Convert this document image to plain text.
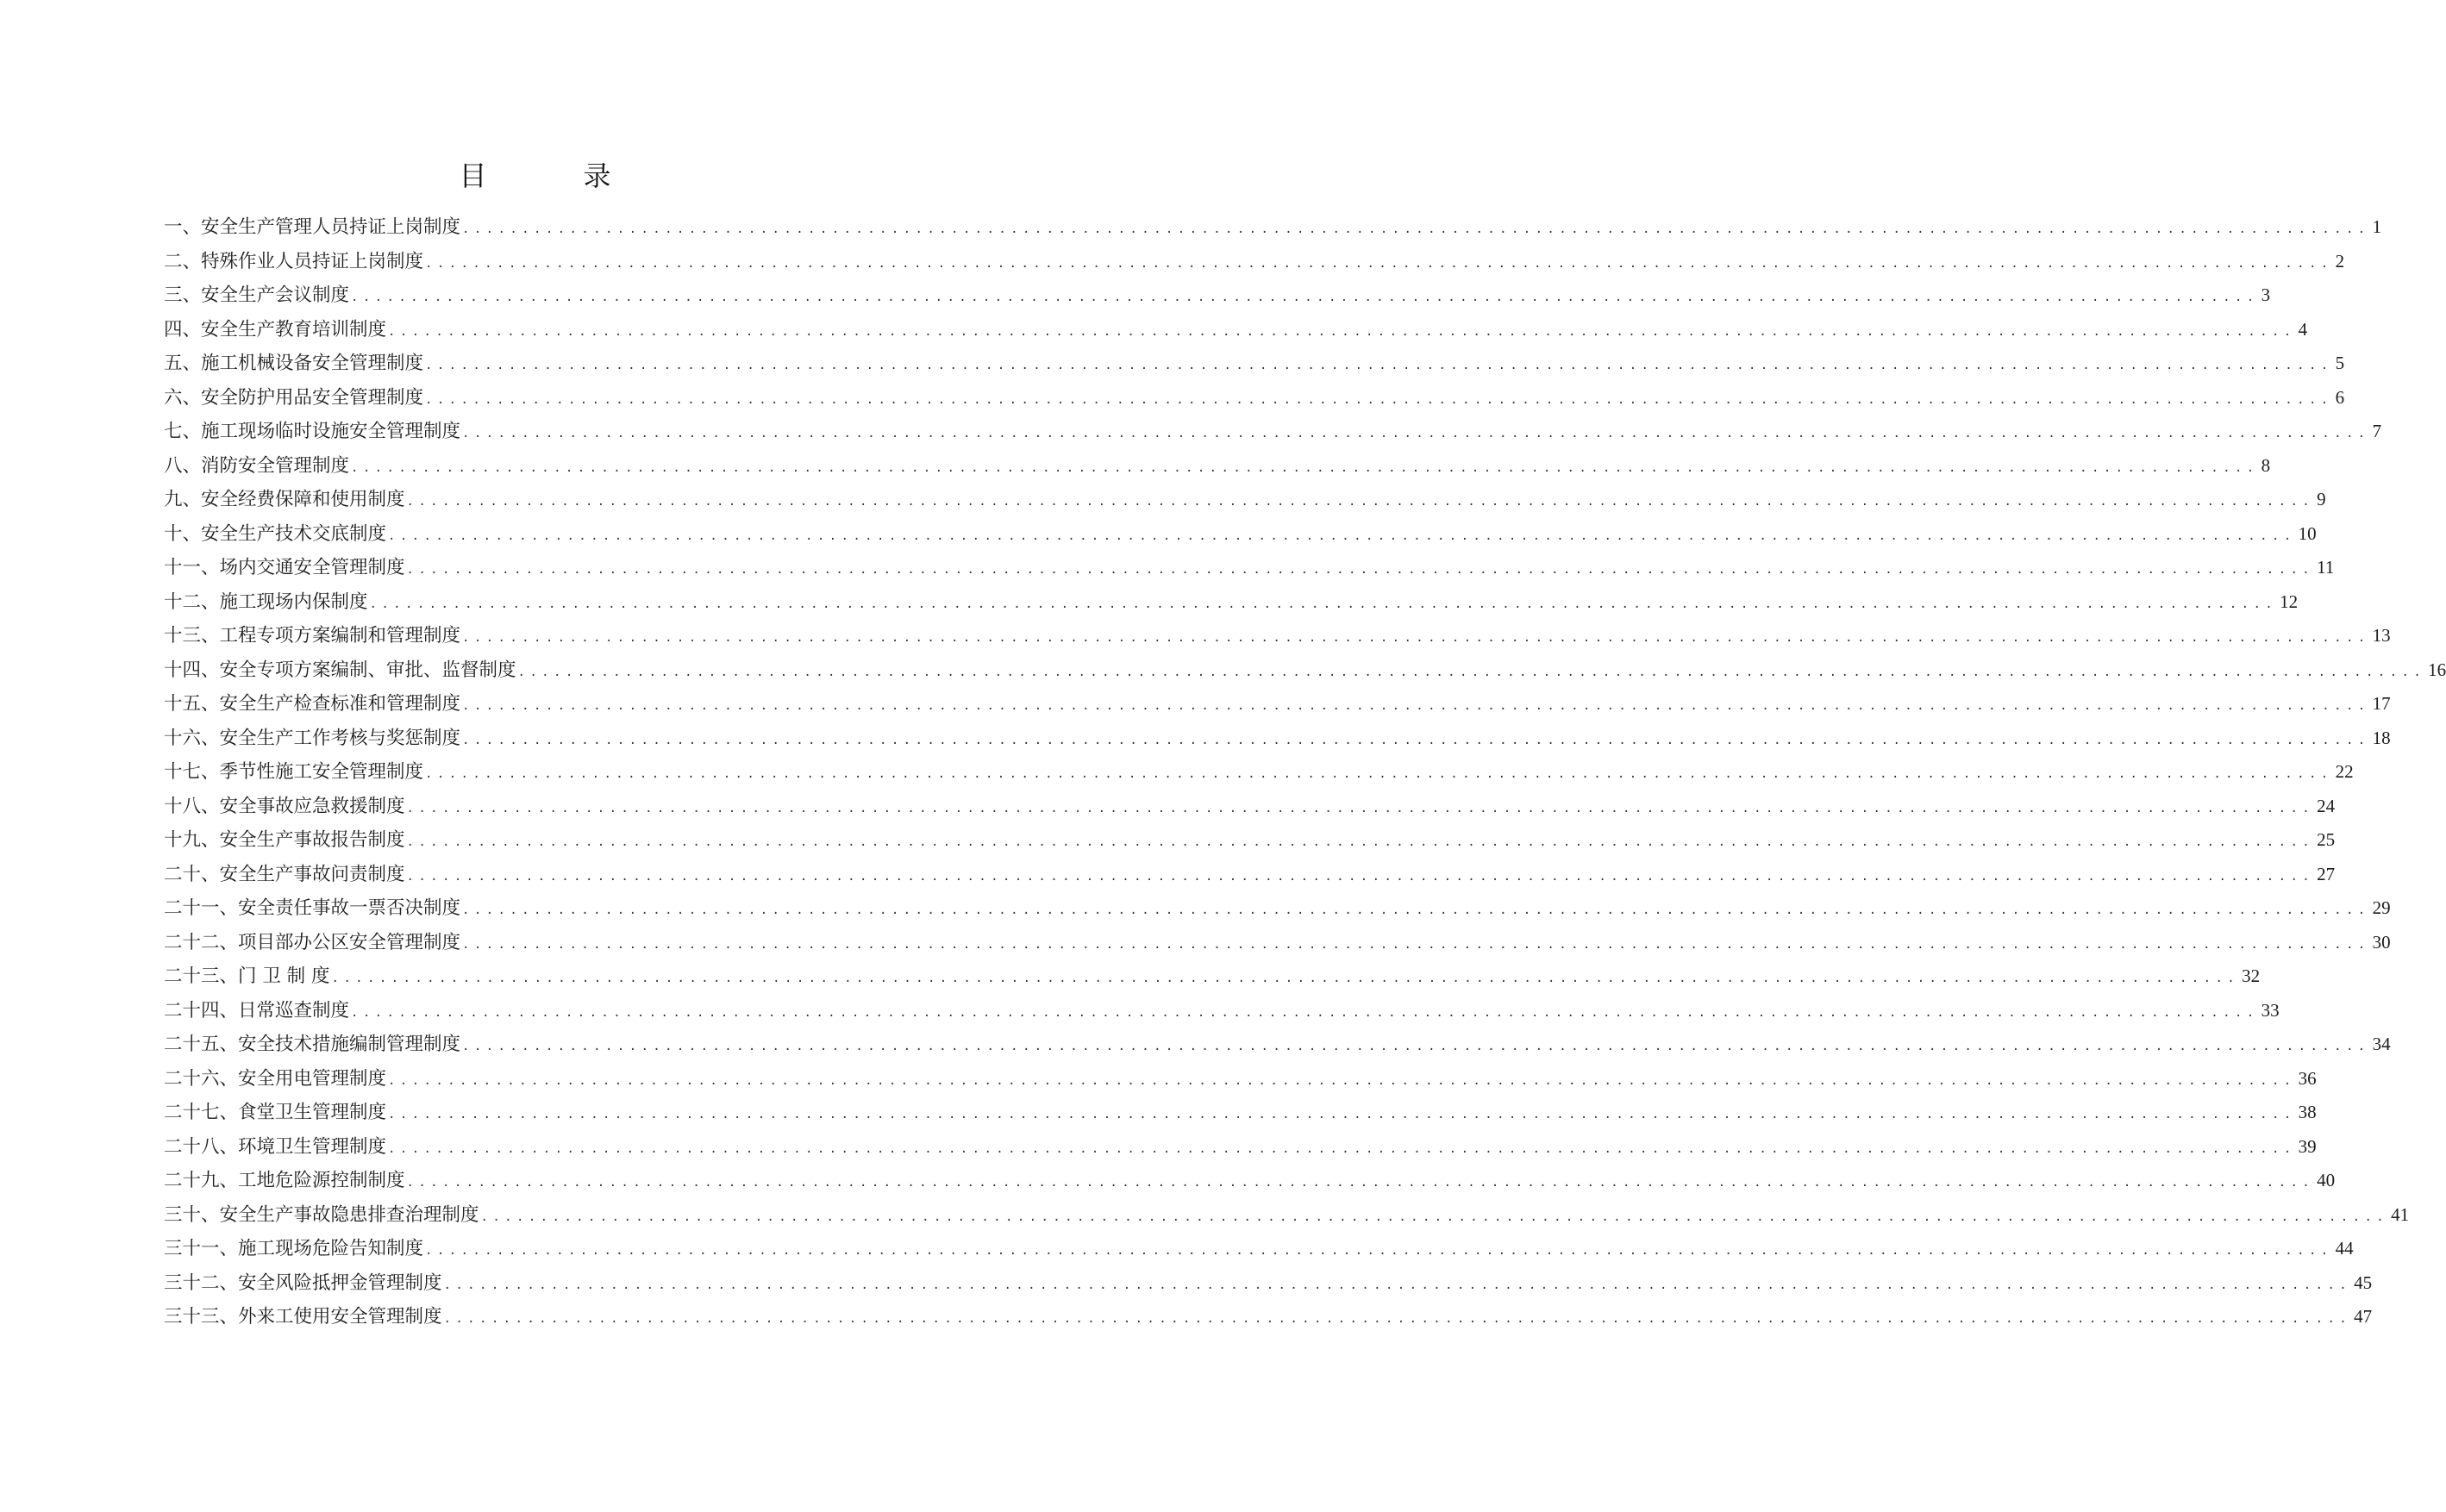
目　录
一、安全生产管理人员持证上岗制度 ................................................................................................................................................................ 1
二、特殊作业人员持证上岗制度 ................................................................................................................................................................ 2
三、安全生产会议制度 ................................................................................................................................................................ 3
四、安全生产教育培训制度 ................................................................................................................................................................ 4
五、施工机械设备安全管理制度 ................................................................................................................................................................ 5
六、安全防护用品安全管理制度 ................................................................................................................................................................ 6
七、施工现场临时设施安全管理制度 ................................................................................................................................................................ 7
八、消防安全管理制度 ................................................................................................................................................................ 8
九、安全经费保障和使用制度 ................................................................................................................................................................ 9
十、安全生产技术交底制度 ................................................................................................................................................................ 10
十一、场内交通安全管理制度 ................................................................................................................................................................ 11
十二、施工现场内保制度 ................................................................................................................................................................ 12
十三、工程专项方案编制和管理制度 ................................................................................................................................................................ 13
十四、安全专项方案编制、审批、监督制度 ................................................................................................................................................................ 16
十五、安全生产检查标准和管理制度 ................................................................................................................................................................ 17
十六、安全生产工作考核与奖惩制度 ................................................................................................................................................................ 18
十七、季节性施工安全管理制度 ................................................................................................................................................................ 22
十八、安全事故应急救援制度 ................................................................................................................................................................ 24
十九、安全生产事故报告制度 ................................................................................................................................................................ 25
二十、安全生产事故问责制度 ................................................................................................................................................................ 27
二十一、安全责任事故一票否决制度 ................................................................................................................................................................ 29
二十二、项目部办公区安全管理制度 ................................................................................................................................................................ 30
二十三、门 卫 制 度 ................................................................................................................................................................ 32
二十四、日常巡查制度 ................................................................................................................................................................ 33
二十五、安全技术措施编制管理制度 ................................................................................................................................................................ 34
二十六、安全用电管理制度 ................................................................................................................................................................ 36
二十七、食堂卫生管理制度 ................................................................................................................................................................ 38
二十八、环境卫生管理制度 ................................................................................................................................................................ 39
二十九、工地危险源控制制度 ................................................................................................................................................................ 40
三十、安全生产事故隐患排查治理制度 ................................................................................................................................................................ 41
三十一、施工现场危险告知制度 ................................................................................................................................................................ 44
三十二、安全风险抵押金管理制度 ................................................................................................................................................................ 45
三十三、外来工使用安全管理制度 ................................................................................................................................................................ 47
